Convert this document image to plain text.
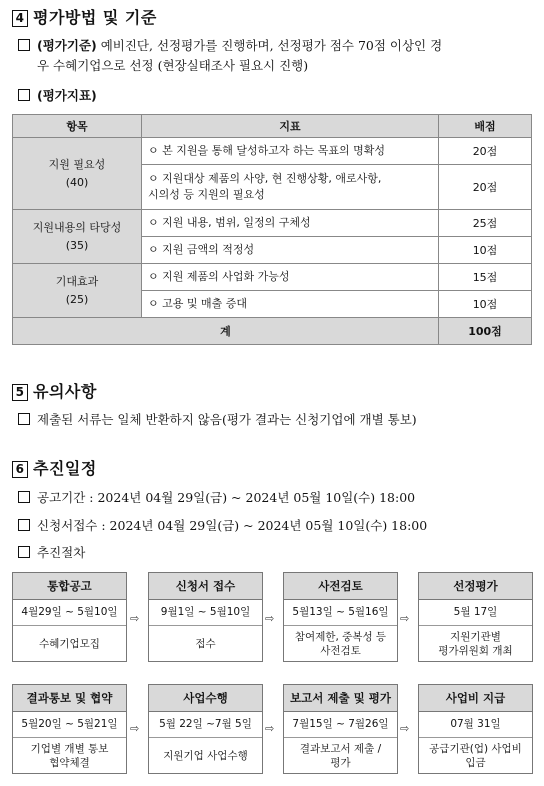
4 평가방법 및 기준
(평가기준) 예비진단, 선정평가를 진행하며, 선정평가 점수 70점 이상인 경
우 수혜기업으로 선정 (현장실태조사 필요시 진행)
(평가지표)
항목	지표	배점
지원 필요성
(40)	ㅇ 본 지원을 통해 달성하고자 하는 목표의 명확성	20점
	ㅇ 지원대상 제품의 사양, 현 진행상황, 애로사항,
시의성 등 지원의 필요성	20점
지원내용의 타당성
(35)	ㅇ 지원 내용, 범위, 일정의 구체성	25점
	ㅇ 지원 금액의 적정성	10점
기대효과
(25)	ㅇ 지원 제품의 사업화 가능성	15점
	ㅇ 고용 및 매출 증대	10점
계		100점
5 유의사항
제출된 서류는 일체 반환하지 않음(평가 결과는 신청기업에 개별 통보)
6 추진일정
공고기간 : 2024년 04월 29일(금) ~ 2024년 05월 10일(수) 18:00
신청서접수 : 2024년 04월 29일(금) ~ 2024년 05월 10일(수) 18:00
추진절차
통합공고
4월29일 ~ 5월10일
수혜기업모집
⇨
신청서 접수
9월1일 ~ 5월10일
접수
⇨
사전검토
5월13일 ~ 5월16일
참여제한, 중복성 등
사전검토
⇨
선정평가
5월 17일
지원기관별
평가위원회 개최
결과통보 및 협약
5월20일 ~ 5월21일
기업별 개별 통보
협약체결
⇨
사업수행
5월 22일 ~7월 5일
지원기업 사업수행
⇨
보고서 제출 및 평가
7월15일 ~ 7월26일
결과보고서 제출 /
평가
⇨
사업비 지급
07월 31일
공급기관(업) 사업비
입금
